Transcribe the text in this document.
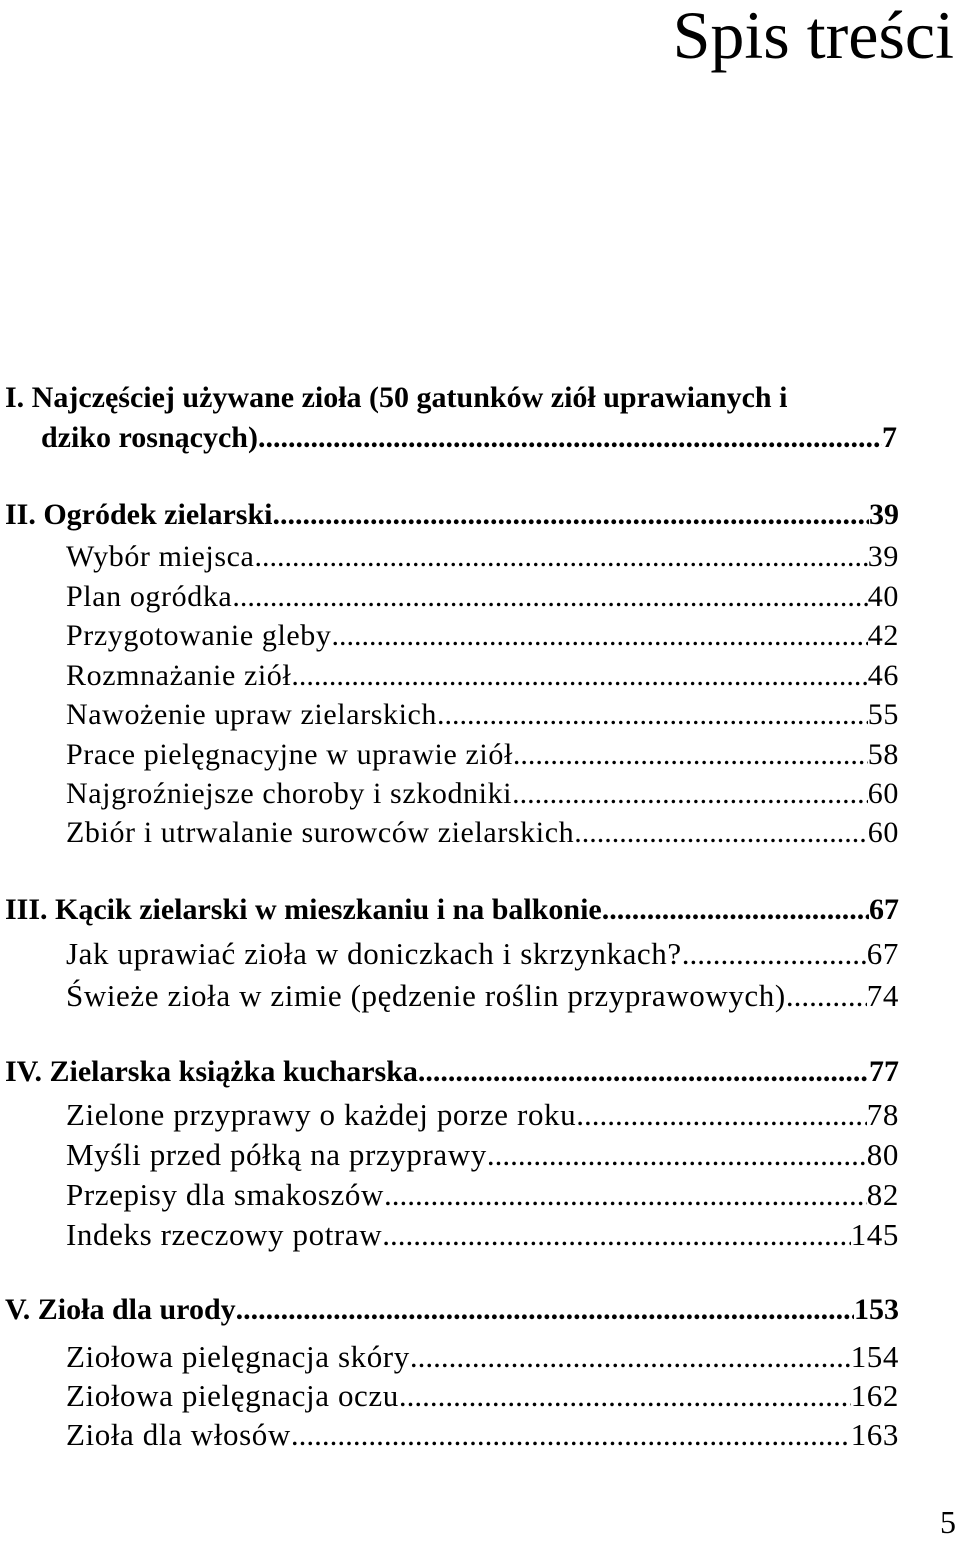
Spis treści
I. Najczęściej używane zioła (50 gatunków ziół uprawianych i
dziko rosnących) .....	7
II. Ogródek zielarski .....	39
Wybór miejsca .....	39
Plan ogródka .....	40
Przygotowanie gleby .....	42
Rozmnażanie ziół .....	46
Nawożenie upraw zielarskich .....	55
Prace pielęgnacyjne w uprawie ziół .....	58
Najgroźniejsze choroby i szkodniki .....	60
Zbiór i utrwalanie surowców zielarskich .....	60
III. Kącik zielarski w mieszkaniu i na balkonie .....	67
Jak uprawiać zioła w doniczkach i skrzynkach? .....	67
Świeże zioła w zimie (pędzenie roślin przyprawowych) .....	74
IV. Zielarska książka kucharska .....	77
Zielone przyprawy o każdej porze roku .....	78
Myśli przed półką na przyprawy .....	80
Przepisy dla smakoszów .....	82
Indeks rzeczowy potraw .....	145
V. Zioła dla urody .....	153
Ziołowa pielęgnacja skóry .....	154
Ziołowa pielęgnacja oczu .....	162
Zioła dla włosów .....	163

5
